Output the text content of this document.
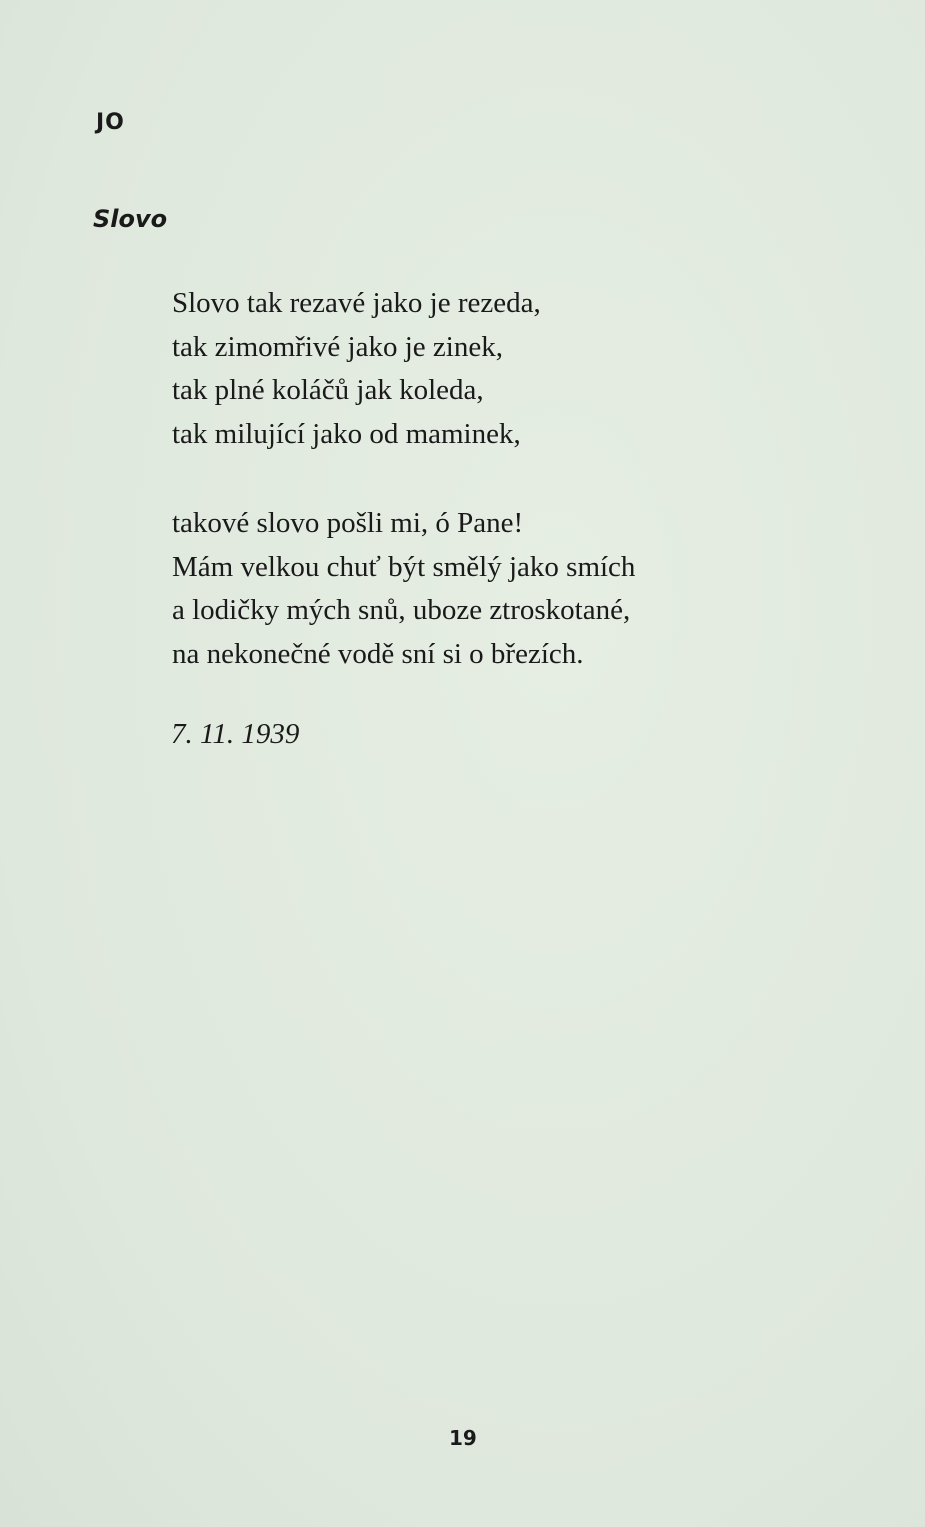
JO

Slovo
Slovo tak rezavé jako je rezeda,
tak zimomřivé jako je zinek,
tak plné koláčů jak koleda,
tak milující jako od maminek,
takové slovo pošli mi, ó Pane!
Mám velkou chuť být smělý jako smích
a lodičky mých snů, uboze ztroskotané,
na nekonečné vodě sní si o březích.

7. 11. 1939

19
